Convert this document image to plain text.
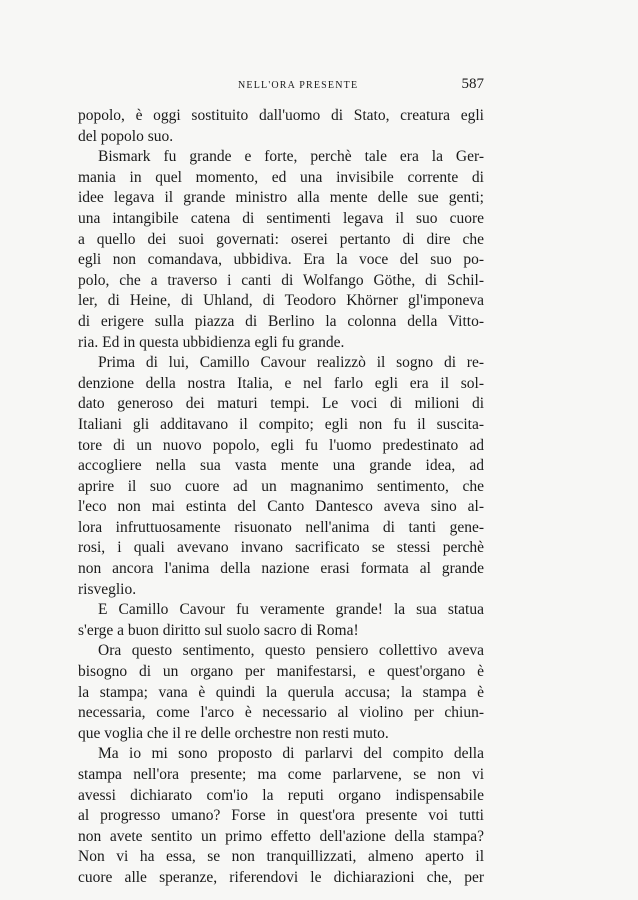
NELL'ORA PRESENTE	587
popolo, è oggi sostituito dall'uomo di Stato, creatura egli
del popolo suo.
Bismark fu grande e forte, perchè tale era la Ger-
mania in quel momento, ed una invisibile corrente di
idee legava il grande ministro alla mente delle sue genti;
una intangibile catena di sentimenti legava il suo cuore
a quello dei suoi governati: oserei pertanto di dire che
egli non comandava, ubbidiva. Era la voce del suo po-
polo, che a traverso i canti di Wolfango Göthe, di Schil-
ler, di Heine, di Uhland, di Teodoro Khörner gl'imponeva
di erigere sulla piazza di Berlino la colonna della Vitto-
ria. Ed in questa ubbidienza egli fu grande.
Prima di lui, Camillo Cavour realizzò il sogno di re-
denzione della nostra Italia, e nel farlo egli era il sol-
dato generoso dei maturi tempi. Le voci di milioni di
Italiani gli additavano il compito; egli non fu il suscita-
tore di un nuovo popolo, egli fu l'uomo predestinato ad
accogliere nella sua vasta mente una grande idea, ad
aprire il suo cuore ad un magnanimo sentimento, che
l'eco non mai estinta del Canto Dantesco aveva sino al-
lora infruttuosamente risuonato nell'anima di tanti gene-
rosi, i quali avevano invano sacrificato se stessi perchè
non ancora l'anima della nazione erasi formata al grande
risveglio.
E Camillo Cavour fu veramente grande! la sua statua
s'erge a buon diritto sul suolo sacro di Roma!
Ora questo sentimento, questo pensiero collettivo aveva
bisogno di un organo per manifestarsi, e quest'organo è
la stampa; vana è quindi la querula accusa; la stampa è
necessaria, come l'arco è necessario al violino per chiun-
que voglia che il re delle orchestre non resti muto.
Ma io mi sono proposto di parlarvi del compito della
stampa nell'ora presente; ma come parlarvene, se non vi
avessi dichiarato com'io la reputi organo indispensabile
al progresso umano? Forse in quest'ora presente voi tutti
non avete sentito un primo effetto dell'azione della stampa?
Non vi ha essa, se non tranquillizzati, almeno aperto il
cuore alle speranze, riferendovi le dichiarazioni che, per
